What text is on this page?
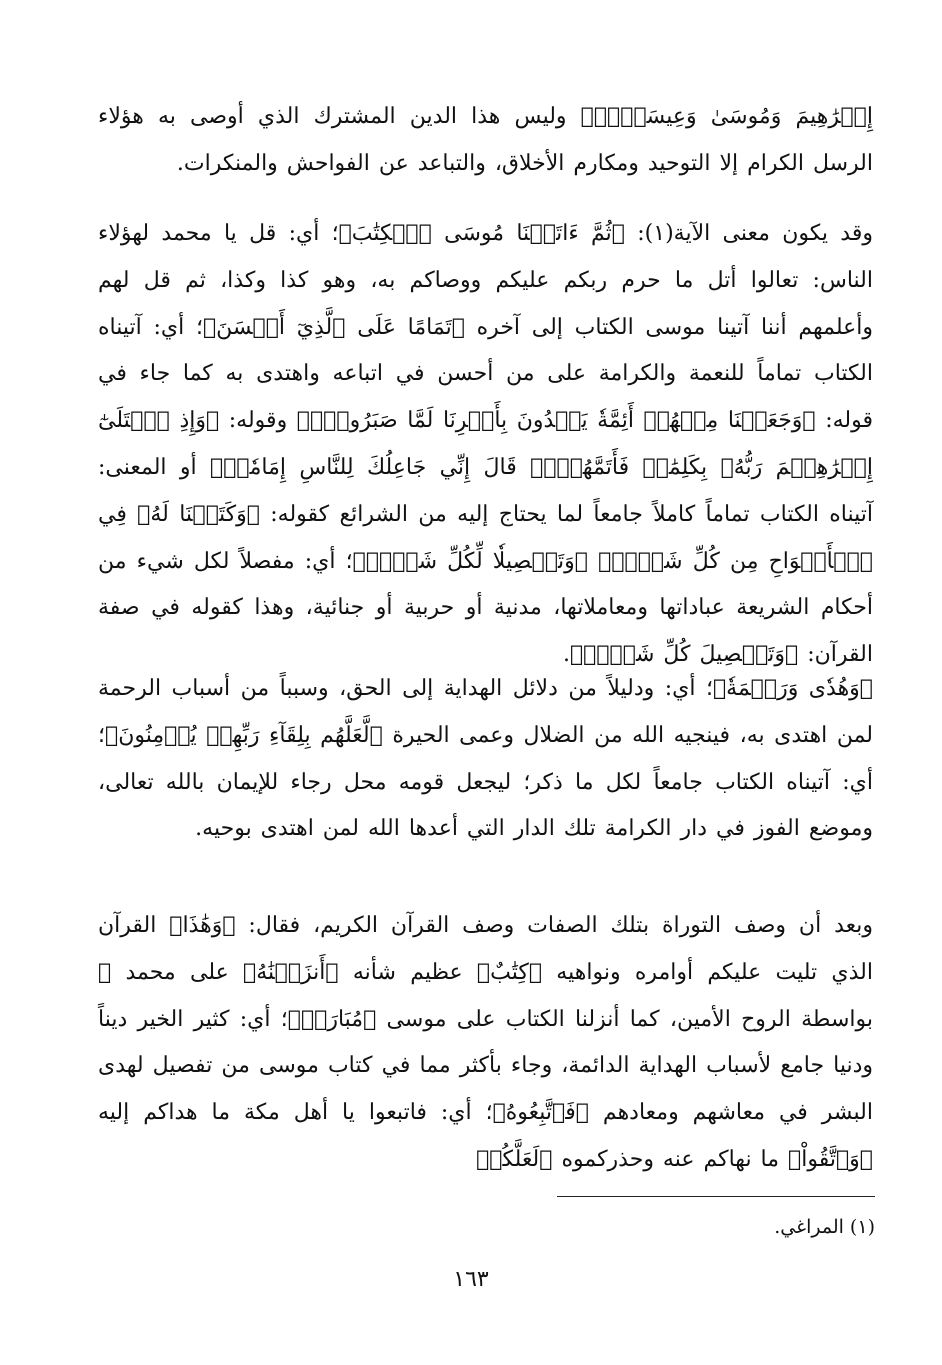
إِبۡرَٰهِيمَ وَمُوسَىٰ وَعِيسَىٰٓۖ﴾ وليس هذا الدين المشترك الذي أوصى به هؤلاء الرسل الكرام إلا التوحيد ومكارم الأخلاق، والتباعد عن الفواحش والمنكرات.

وقد يكون معنى الآية(١): ﴿ثُمَّ ءَاتَيۡنَا مُوسَى ٱلۡكِتَٰبَ﴾؛ أي: قل يا محمد لهؤلاء الناس: تعالوا أتل ما حرم ربكم عليكم ووصاكم به، وهو كذا وكذا، ثم قل لهم وأعلمهم أننا آتينا موسى الكتاب إلى آخره ﴿تَمَامًا عَلَى ٱلَّذِيٓ أَحۡسَنَ﴾؛ أي: آتيناه الكتاب تماماً للنعمة والكرامة على من أحسن في اتباعه واهتدى به كما جاء في قوله: ﴿وَجَعَلۡنَا مِنۡهُمۡ أَئِمَّةٗ يَهۡدُونَ بِأَمۡرِنَا لَمَّا صَبَرُواْۖ﴾ وقوله: ﴿وَإِذِ ٱبۡتَلَىٰٓ إِبۡرَٰهِـۧمَ رَبُّهُۥ بِكَلِمَٰتٖ فَأَتَمَّهُنَّۖ قَالَ إِنِّي جَاعِلُكَ لِلنَّاسِ إِمَامٗاۖ﴾ أو المعنى: آتيناه الكتاب تماماً كاملاً جامعاً لما يحتاج إليه من الشرائع كقوله: ﴿وَكَتَبۡنَا لَهُۥ فِي ٱلۡأَلۡوَاحِ مِن كُلِّ شَيۡءٖ﴾ ﴿وَتَفۡصِيلٗا لِّكُلِّ شَيۡءٖ﴾؛ أي: مفصلاً لكل شيء من أحكام الشريعة عباداتها ومعاملاتها، مدنية أو حربية أو جنائية، وهذا كقوله في صفة القرآن: ﴿وَتَفۡصِيلَ كُلِّ شَيۡءٖ﴾.

﴿وَهُدٗى وَرَحۡمَةٗ﴾؛ أي: ودليلاً من دلائل الهداية إلى الحق، وسبباً من أسباب الرحمة لمن اهتدى به، فينجيه الله من الضلال وعمى الحيرة ﴿لَّعَلَّهُم بِلِقَآءِ رَبِّهِمۡ يُؤۡمِنُونَ﴾؛ أي: آتيناه الكتاب جامعاً لكل ما ذكر؛ ليجعل قومه محل رجاء للإيمان بالله تعالى، وموضع الفوز في دار الكرامة تلك الدار التي أعدها الله لمن اهتدى بوحيه.

وبعد أن وصف التوراة بتلك الصفات وصف القرآن الكريم، فقال: ﴿وَهَٰذَا﴾ القرآن الذي تليت عليكم أوامره ونواهيه ﴿كِتَٰبٌ﴾ عظيم شأنه ﴿أَنزَلۡنَٰهُ﴾ على محمد ﷺ بواسطة الروح الأمين، كما أنزلنا الكتاب على موسى ﴿مُبَارَكٞ﴾؛ أي: كثير الخير ديناً ودنيا جامع لأسباب الهداية الدائمة، وجاء بأكثر مما في كتاب موسى من تفصيل لهدى البشر في معاشهم ومعادهم ﴿فَٱتَّبِعُوهُ﴾؛ أي: فاتبعوا يا أهل مكة ما هداكم إليه ﴿وَٱتَّقُواْ﴾ ما نهاكم عنه وحذركموه ﴿لَعَلَّكُمۡ

(١) المراغي.
١٦٣
